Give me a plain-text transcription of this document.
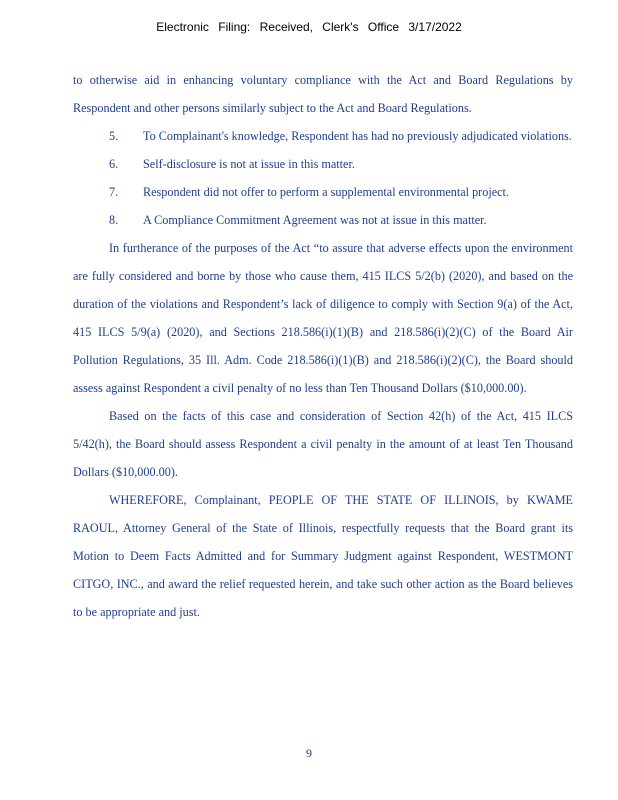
Electronic Filing: Received, Clerk's Office 3/17/2022

to otherwise aid in enhancing voluntary compliance with the Act and Board Regulations by Respondent and other persons similarly subject to the Act and Board Regulations.

5. To Complainant's knowledge, Respondent has had no previously adjudicated violations.

6. Self-disclosure is not at issue in this matter.

7. Respondent did not offer to perform a supplemental environmental project.

8. A Compliance Commitment Agreement was not at issue in this matter.

In furtherance of the purposes of the Act “to assure that adverse effects upon the environment are fully considered and borne by those who cause them, 415 ILCS 5/2(b) (2020), and based on the duration of the violations and Respondent’s lack of diligence to comply with Section 9(a) of the Act, 415 ILCS 5/9(a) (2020), and Sections 218.586(i)(1)(B) and 218.586(i)(2)(C) of the Board Air Pollution Regulations, 35 Ill. Adm. Code 218.586(i)(1)(B) and 218.586(i)(2)(C), the Board should assess against Respondent a civil penalty of no less than Ten Thousand Dollars ($10,000.00).

Based on the facts of this case and consideration of Section 42(h) of the Act, 415 ILCS 5/42(h), the Board should assess Respondent a civil penalty in the amount of at least Ten Thousand Dollars ($10,000.00).

WHEREFORE, Complainant, PEOPLE OF THE STATE OF ILLINOIS, by KWAME RAOUL, Attorney General of the State of Illinois, respectfully requests that the Board grant its Motion to Deem Facts Admitted and for Summary Judgment against Respondent, WESTMONT CITGO, INC., and award the relief requested herein, and take such other action as the Board believes to be appropriate and just.

9
